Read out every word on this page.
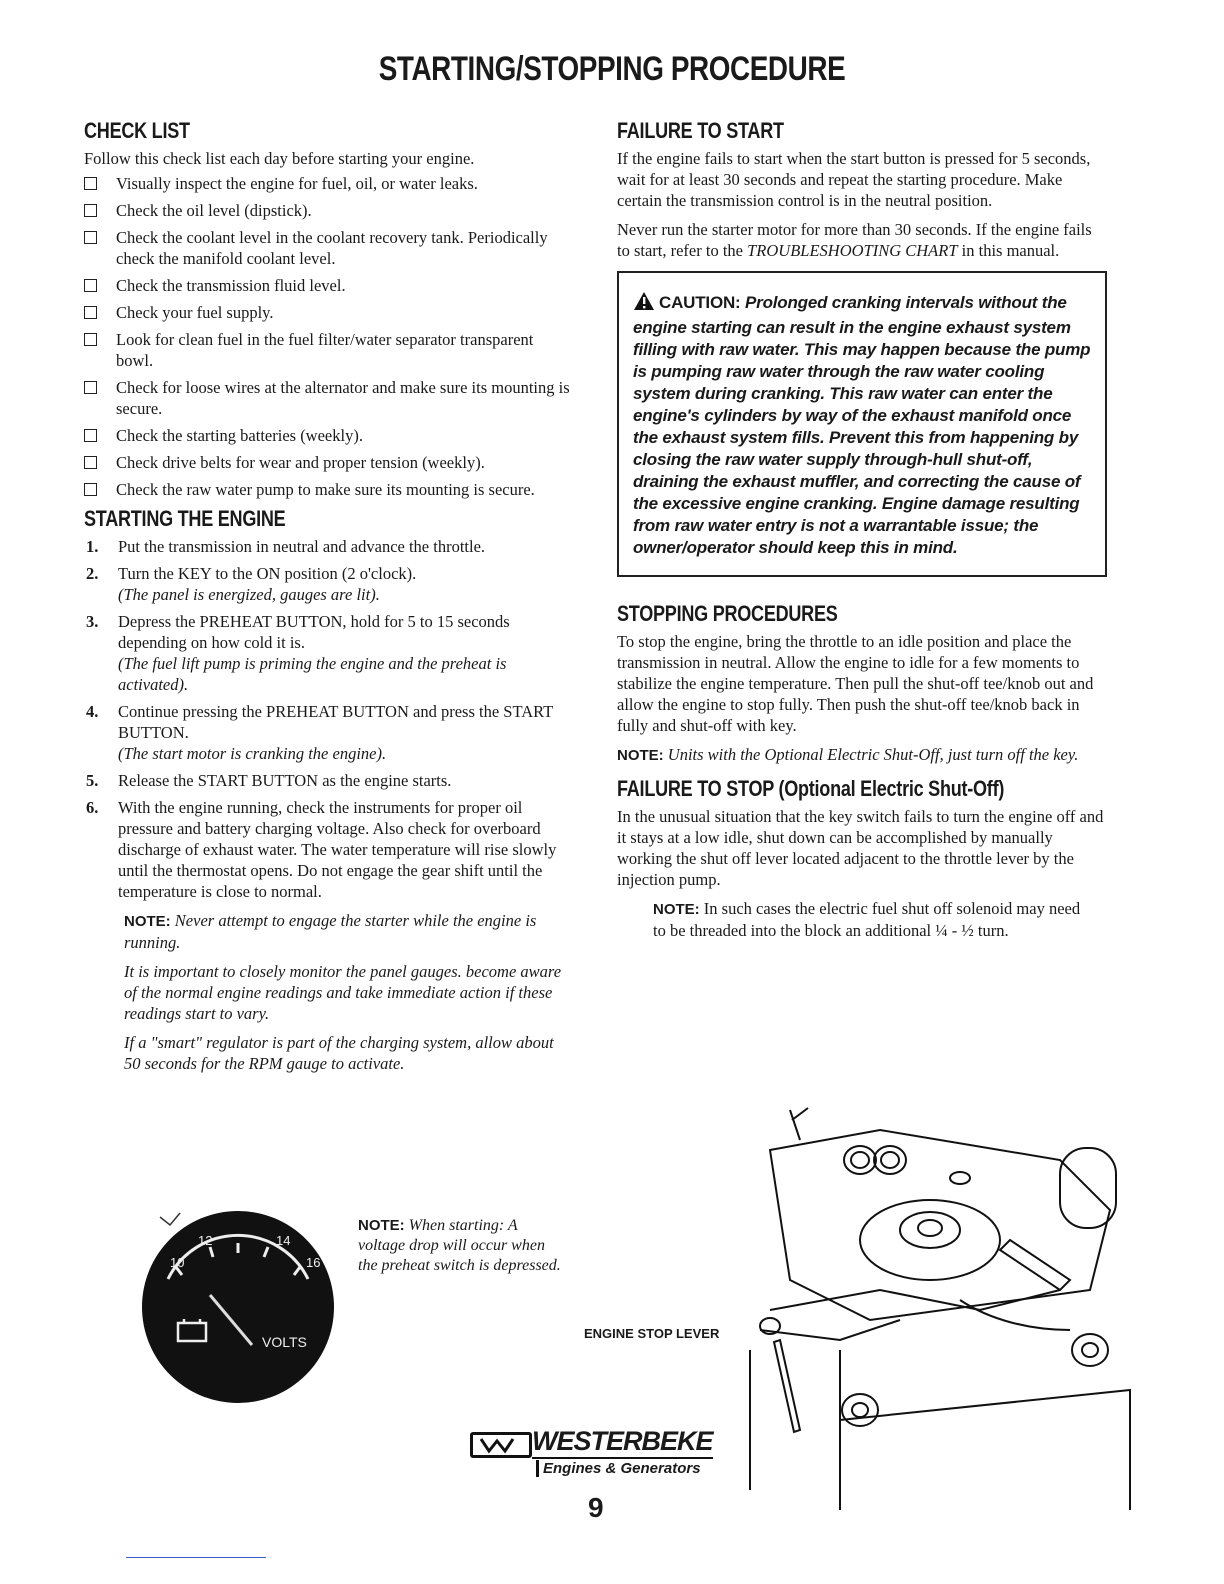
STARTING/STOPPING PROCEDURE
CHECK LIST

Follow this check list each day before starting your engine.

Visually inspect the engine for fuel, oil, or water leaks.
Check the oil level (dipstick).
Check the coolant level in the coolant recovery tank. Periodically check the manifold coolant level.
Check the transmission fluid level.
Check your fuel supply.
Look for clean fuel in the fuel filter/water separator transparent bowl.
Check for loose wires at the alternator and make sure its mounting is secure.
Check the starting batteries (weekly).
Check drive belts for wear and proper tension (weekly).
Check the raw water pump to make sure its mounting is secure.
STARTING THE ENGINE
1. Put the transmission in neutral and advance the throttle.
2. Turn the KEY to the ON position (2 o'clock).
(The panel is energized, gauges are lit).
3. Depress the PREHEAT BUTTON, hold for 5 to 15 seconds depending on how cold it is.
(The fuel lift pump is priming the engine and the preheat is activated).
4. Continue pressing the PREHEAT BUTTON and press the START BUTTON.
(The start motor is cranking the engine).
5. Release the START BUTTON as the engine starts.
6. With the engine running, check the instruments for proper oil pressure and battery charging voltage. Also check for overboard discharge of exhaust water. The water temperature will rise slowly until the thermostat opens. Do not engage the gear shift until the temperature is close to normal.

NOTE: Never attempt to engage the starter while the engine is running.

It is important to closely monitor the panel gauges. become aware of the normal engine readings and take immediate action if these readings start to vary.

If a "smart" regulator is part of the charging system, allow about 50 seconds for the RPM gauge to activate.

10
12	14
16
VOLTS
NOTE: When starting: A voltage drop will occur when the preheat switch is depressed.
FAILURE TO START

If the engine fails to start when the start button is pressed for 5 seconds, wait for at least 30 seconds and repeat the starting procedure. Make certain the transmission control is in the neutral position.

Never run the starter motor for more than 30 seconds. If the engine fails to start, refer to the TROUBLESHOOTING CHART in this manual.

CAUTION: Prolonged cranking intervals without the engine starting can result in the engine exhaust system filling with raw water. This may happen because the pump is pumping raw water through the raw water cooling system during cranking. This raw water can enter the engine's cylinders by way of the exhaust manifold once the exhaust system fills. Prevent this from happening by closing the raw water supply through-hull shut-off, draining the exhaust muffler, and correcting the cause of the excessive engine cranking. Engine damage resulting from raw water entry is not a warrantable issue; the owner/operator should keep this in mind.

STOPPING PROCEDURES

To stop the engine, bring the throttle to an idle position and place the transmission in neutral. Allow the engine to idle for a few moments to stabilize the engine temperature. Then pull the shut-off tee/knob out and allow the engine to stop fully. Then push the shut-off tee/knob back in fully and shut-off with key.

NOTE: Units with the Optional Electric Shut-Off, just turn off the key.

FAILURE TO STOP (Optional Electric Shut-Off)

In the unusual situation that the key switch fails to turn the engine off and it stays at a low idle, shut down can be accomplished by manually working the shut off lever located adjacent to the throttle lever by the injection pump.

NOTE: In such cases the electric fuel shut off solenoid may need to be threaded into the block an additional ¼ - ½ turn.

ENGINE STOP LEVER
WESTERBEKE
Engines & Generators
9
